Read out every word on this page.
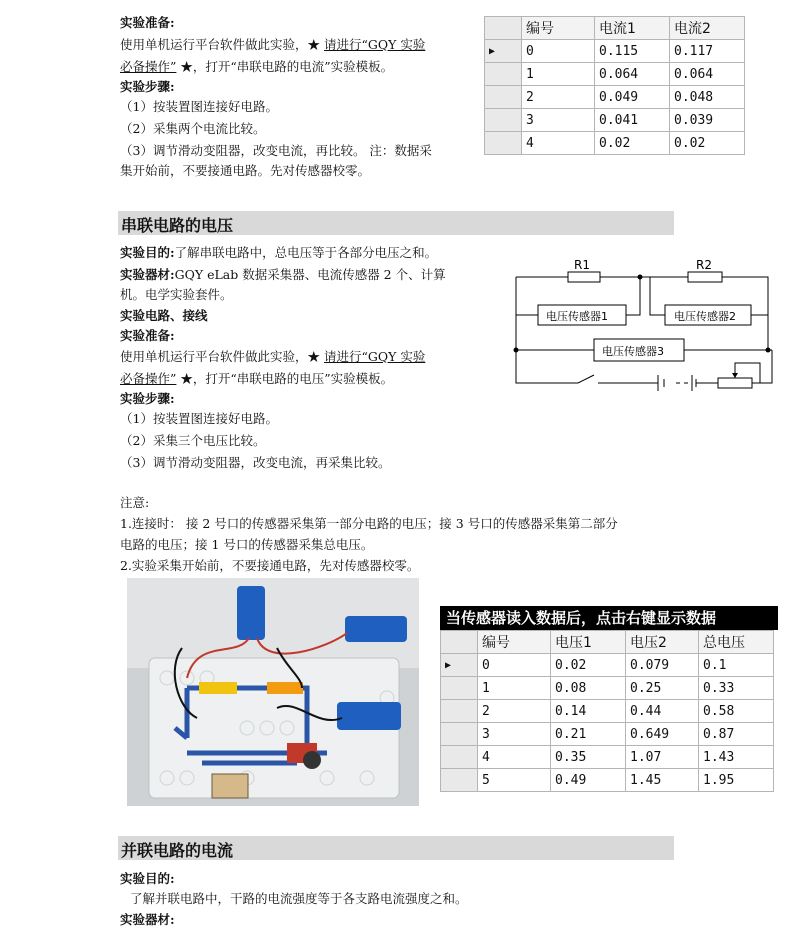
实验准备:
使用单机运行平台软件做此实验，★ 请进行“GQY 实验
必备操作” ★，打开“串联电路的电流”实验模板。
实验步骤:
（1）按装置图连接好电路。
（2）采集两个电流比较。
（3）调节滑动变阻器，改变电流，再比较。 注：数据采
集开始前，不要接通电路。先对传感器校零。
	编号	电流1	电流2
▶	0	0.115	0.117
	1	0.064	0.064
	2	0.049	0.048
	3	0.041	0.039
	4	0.02	0.02
串联电路的电压
实验目的:了解串联电路中，总电压等于各部分电压之和。
实验器材:GQY eLab 数据采集器、电流传感器 2 个、计算
机。电学实验套件。
实验电路、接线
实验准备:
使用单机运行平台软件做此实验，★ 请进行“GQY 实验
必备操作” ★，打开“串联电路的电压”实验模板。
实验步骤:
（1）按装置图连接好电路。
（2）采集三个电压比较。
（3）调节滑动变阻器，改变电流，再采集比较。
注意:
1.连接时： 接 2 号口的传感器采集第一部分电路的电压；接 3 号口的传感器采集第二部分
电路的电压；接 1 号口的传感器采集总电压。
2.实验采集开始前，不要接通电路，先对传感器校零。
R1	R2
电压传感器1	电压传感器2
电压传感器3
当传感器读入数据后，点击右键显示数据
	编号	电压1	电压2	总电压
▶	0	0.02	0.079	0.1
	1	0.08	0.25	0.33
	2	0.14	0.44	0.58
	3	0.21	0.649	0.87
	4	0.35	1.07	1.43
	5	0.49	1.45	1.95
并联电路的电流
实验目的:
了解并联电路中，干路的电流强度等于各支路电流强度之和。
实验器材:
